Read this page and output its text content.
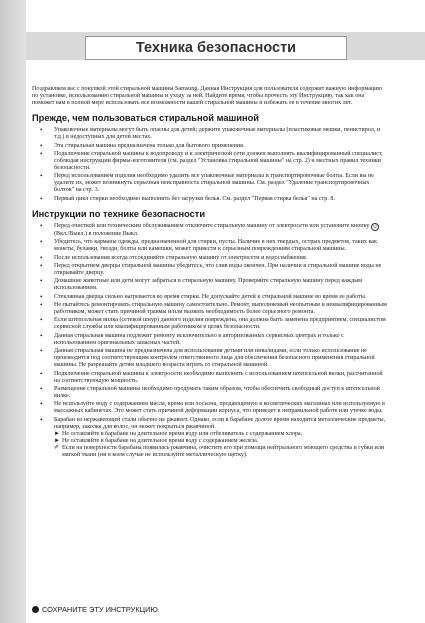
Техника безопасности

Поздравляем вас с покупкой этой стиральной машины Samsung. Данная Инструкция для пользователя содержит важную информацию по установке, использованию стиральной машины и уходу за ней. Найдите время, чтобы прочесть эту Инструкцию, так как она поможет вам в полной мере использовать все возможности вашей стиральной машины и избежать ее в течение многих лет.

Прежде, чем пользоваться стиральной машиной
• Упаковочные материалы могут быть опасны для детей; держите упаковочные материалы (пластиковые мешки, пенистирол, и т.д.) в недоступных для детей местах.
• Эта стиральная машина предназначена только для бытового применения.
• Подключение стиральной машины к водопроводу и к электрической сети должен выполнять квалифицированный специалист, соблюдая инструкции фирмы-изготовителя (см. раздел "Установка стиральной машины" на стр. 2) и местных правил техники безопасности.
• Перед использованием изделия необходимо удалить все упаковочные материалы и транспортировочные болты. Если вы не удалите их, может возникнуть серьезная неисправность стиральной машины. См. раздел "Удаление транспортировочных болтов" на стр. 3.
• Первый цикл стирки необходимо выполнить без загрузки белья. См. раздел "Первая стирка белья" на стр. 8.
Инструкции по технике безопасности
• Перед очисткой или техническим обслуживанием отключите стиральную машину от электросети или установите кнопку ⏻ (Вкл./Выкл.) в положение Выкл.
• Убедитесь, что карманы одежды, предназначенной для стирки, пусты. Наличие в них твердых, острых предметов, таких как монеты, булавки, гвозди, болты или камешки, может привести к серьезным повреждениям стиральной машины.
• После использования всегда отсоединяйте стиральную машину от электросети и водоснабжения.
• Перед открытием дверцы стиральной машины убедитесь, что слив воды окончен. При наличии в стиральной машине воды не открывайте дверцу.
• Домашние животные или дети могут забраться в стиральную машину. Проверяйте стиральную машину перед каждым использованием.
• Стеклянная дверца сильно нагревается во время стирки. Не допускайте детей к стиральной машине во время ее работы.
• Не пытайтесь ремонтировать стиральную машину самостоятельно. Ремонт, выполняемый неопытным и неквалифицированным работником, может стать причиной травмы и/или вызвать необходимость более серьезного ремонта.
• Если штепсельная вилка (сетевой шнур) данного изделия повреждена, она должна быть заменена предприятием, специалистом сервисной службы или квалифицированным работником в целях безопасности.
• Данная стиральная машина подлежит ремонту исключительно в авторизованных сервисных центрах и только с использованием оригинальных запасных частей.
• Данная стиральная машина не предназначена для использования детьми или инвалидами, если только использование не производится под соответствующим контролем ответственного лица для обеспечения безопасного применения стиральной машины. Не разрешайте детям младшего возраста играть со стиральной машиной.
• Подключение стиральной машины к электросети необходимо выполнять с использованием штепсельной вилки, рассчитанной на соответствующую мощность.
• Размещение стиральной машины необходимо продумать таким образом, чтобы обеспечить свободный доступ к штепсельной вилке.
• Не используйте воду с содержанием масла, крема или лосьона, продающемую в косметических магазинах или используемую в массажных кабинетах. Это может стать причиной деформации корпуса, что приведет к неправильной работе или утечке воды.
• Барабан из нержавеющей стали обычно не ржавеет. Однако, если в барабане долгое время находятся металлические предметы, например, заколка для волос, он может покрыться ржавчиной.

► Не оставляйте в барабане на длительное время воду или отбеливатель с содержанием хлора.

► Не оставляйте в барабане на длительное время воду с содержанием железа.

✐ Если на поверхности барабана появилась ржавчина, очистите его при помощи нейтрального моющего средства и губки или мягкой ткани (ни в коем случае не используйте металлическую щетку).

СОХРАНИТЕ ЭТУ ИНСТРУКЦИЮ
